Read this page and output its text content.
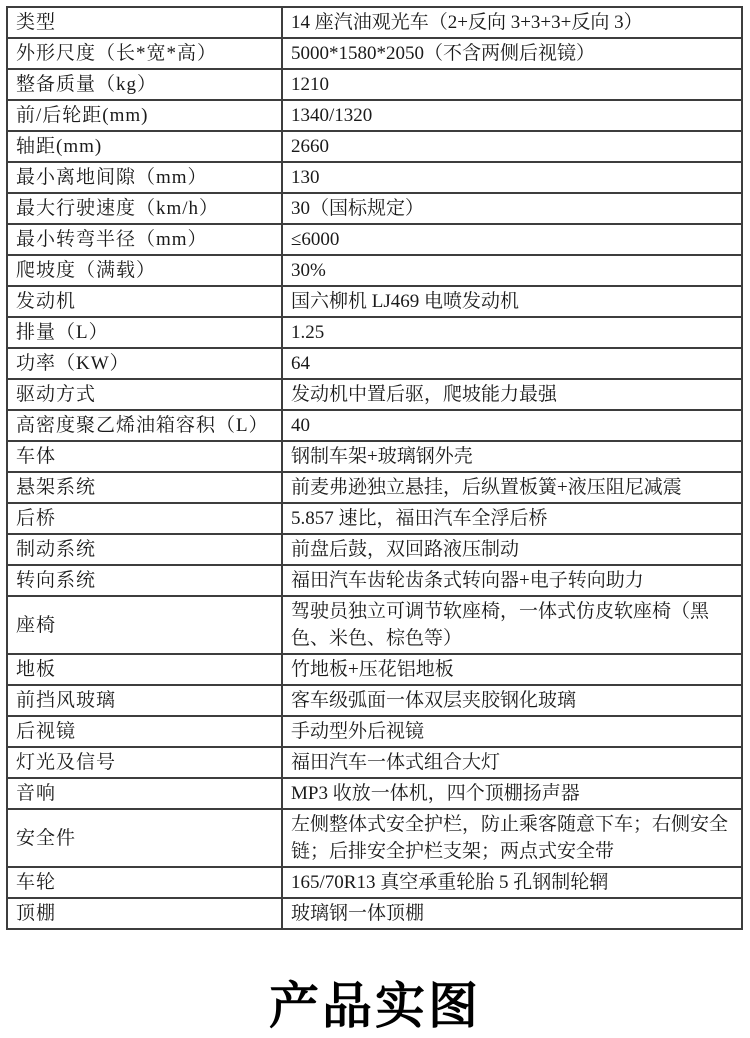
类型	14 座汽油观光车（2+反向 3+3+3+反向 3）
外形尺度（长*宽*高）	5000*1580*2050（不含两侧后视镜）
整备质量（kg）	1210
前/后轮距(mm)	1340/1320
轴距(mm)	2660
最小离地间隙（mm）	130
最大行驶速度（km/h）	30（国标规定）
最小转弯半径（mm）	≤6000
爬坡度（满载）	30%
发动机	国六柳机 LJ469 电喷发动机
排量（L）	1.25
功率（KW）	64
驱动方式	发动机中置后驱，爬坡能力最强
高密度聚乙烯油箱容积（L）	40
车体	钢制车架+玻璃钢外壳
悬架系统	前麦弗逊独立悬挂，后纵置板簧+液压阻尼减震
后桥	5.857 速比，福田汽车全浮后桥
制动系统	前盘后鼓，双回路液压制动
转向系统	福田汽车齿轮齿条式转向器+电子转向助力
座椅	驾驶员独立可调节软座椅，一体式仿皮软座椅（黑色、米色、棕色等）
地板	竹地板+压花铝地板
前挡风玻璃	客车级弧面一体双层夹胶钢化玻璃
后视镜	手动型外后视镜
灯光及信号	福田汽车一体式组合大灯
音响	MP3 收放一体机，四个顶棚扬声器
安全件	左侧整体式安全护栏，防止乘客随意下车；右侧安全链；后排安全护栏支架；两点式安全带
车轮	165/70R13 真空承重轮胎 5 孔钢制轮辋
顶棚	玻璃钢一体顶棚
产品实图
